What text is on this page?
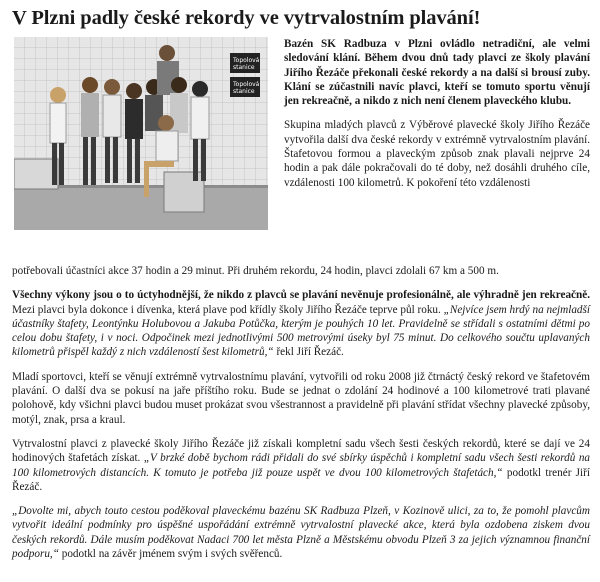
V Plzni padly české rekordy ve vytrvalostním plavání!
Topolová
stanice
Topolová
stanice

Bazén SK Radbuza v Plzni ovládlo netradiční, ale velmi sledování klání. Během dvou dnů tady plavci ze školy plavání Jiřího Řezáče překonali české rekordy a na další si brousí zuby. Klání se zúčastnili navíc plavci, kteří se tomuto sportu věnují jen rekreačně, a nikdo z nich není členem plaveckého klubu.

Skupina mladých plavců z Výběrové plavecké školy Jiřího Řezáče vytvořila další dva české rekordy v extrémně vytrvalostním plavání. Štafetovou formou a plaveckým způsob znak plavali nejprve 24 hodin a pak dále pokračovali do té doby, než dosáhli druhého cíle, vzdálenosti 100 kilometrů. K pokoření této vzdálenosti

potřebovali účastníci akce 37 hodin a 29 minut. Při druhém rekordu, 24 hodin, plavci zdolali 67 km a 500 m.

Všechny výkony jsou o to úctyhodnější, že nikdo z plavců se plavání nevěnuje profesionálně, ale výhradně jen rekreačně. Mezi plavci byla dokonce i dívenka, která plave pod křídly školy Jiřího Řezáče teprve půl roku. „Nejvíce jsem hrdý na nejmladší účastníky štafety, Leontýnku Holubovou a Jakuba Potůčka, kterým je pouhých 10 let. Pravidelně se střídali s ostatními dětmi po celou dobu štafety, i v noci. Odpočinek mezi jednotlivými 500 metrovými úseky byl 75 minut. Do celkového součtu uplavaných kilometrů přispěl každý z nich vzdáleností šest kilometrů,“ řekl Jiří Řezáč.

Mladí sportovci, kteří se věnují extrémně vytrvalostnímu plavání, vytvořili od roku 2008 již čtrnáctý český rekord ve štafetovém plavání. O další dva se pokusí na jaře příštího roku. Bude se jednat o zdolání 24 hodinové a 100 kilometrové trati plavané polohově, kdy všichni plavci budou muset prokázat svou všestrannost a pravidelně při plavání střídat všechny plavecké způsoby, motýl, znak, prsa a kraul.

Vytrvalostní plavci z plavecké školy Jiřího Řezáče již získali kompletní sadu všech šesti českých rekordů, které se dají ve 24 hodinových štafetách získat. „V brzké době bychom rádi přidali do své sbírky úspěchů i kompletní sadu všech šesti rekordů na 100 kilometrových distancích. K tomuto je potřeba již pouze uspět ve dvou 100 kilometrových štafetách,“ podotkl trenér Jiří Řezáč.

„Dovolte mi, abych touto cestou poděkoval plaveckému bazénu SK Radbuza Plzeň, v Kozinově ulici, za to, že pomohl plavcům vytvořit ideální podmínky pro úspěšné uspořádání extrémně vytrvalostní plavecké akce, která byla ozdobena ziskem dvou českých rekordů. Dále musím poděkovat Nadaci 700 let města Plzně a Městskému obvodu Plzeň 3 za jejich významnou finanční podporu,“ podotkl na závěr jménem svým i svých svěřenců.
